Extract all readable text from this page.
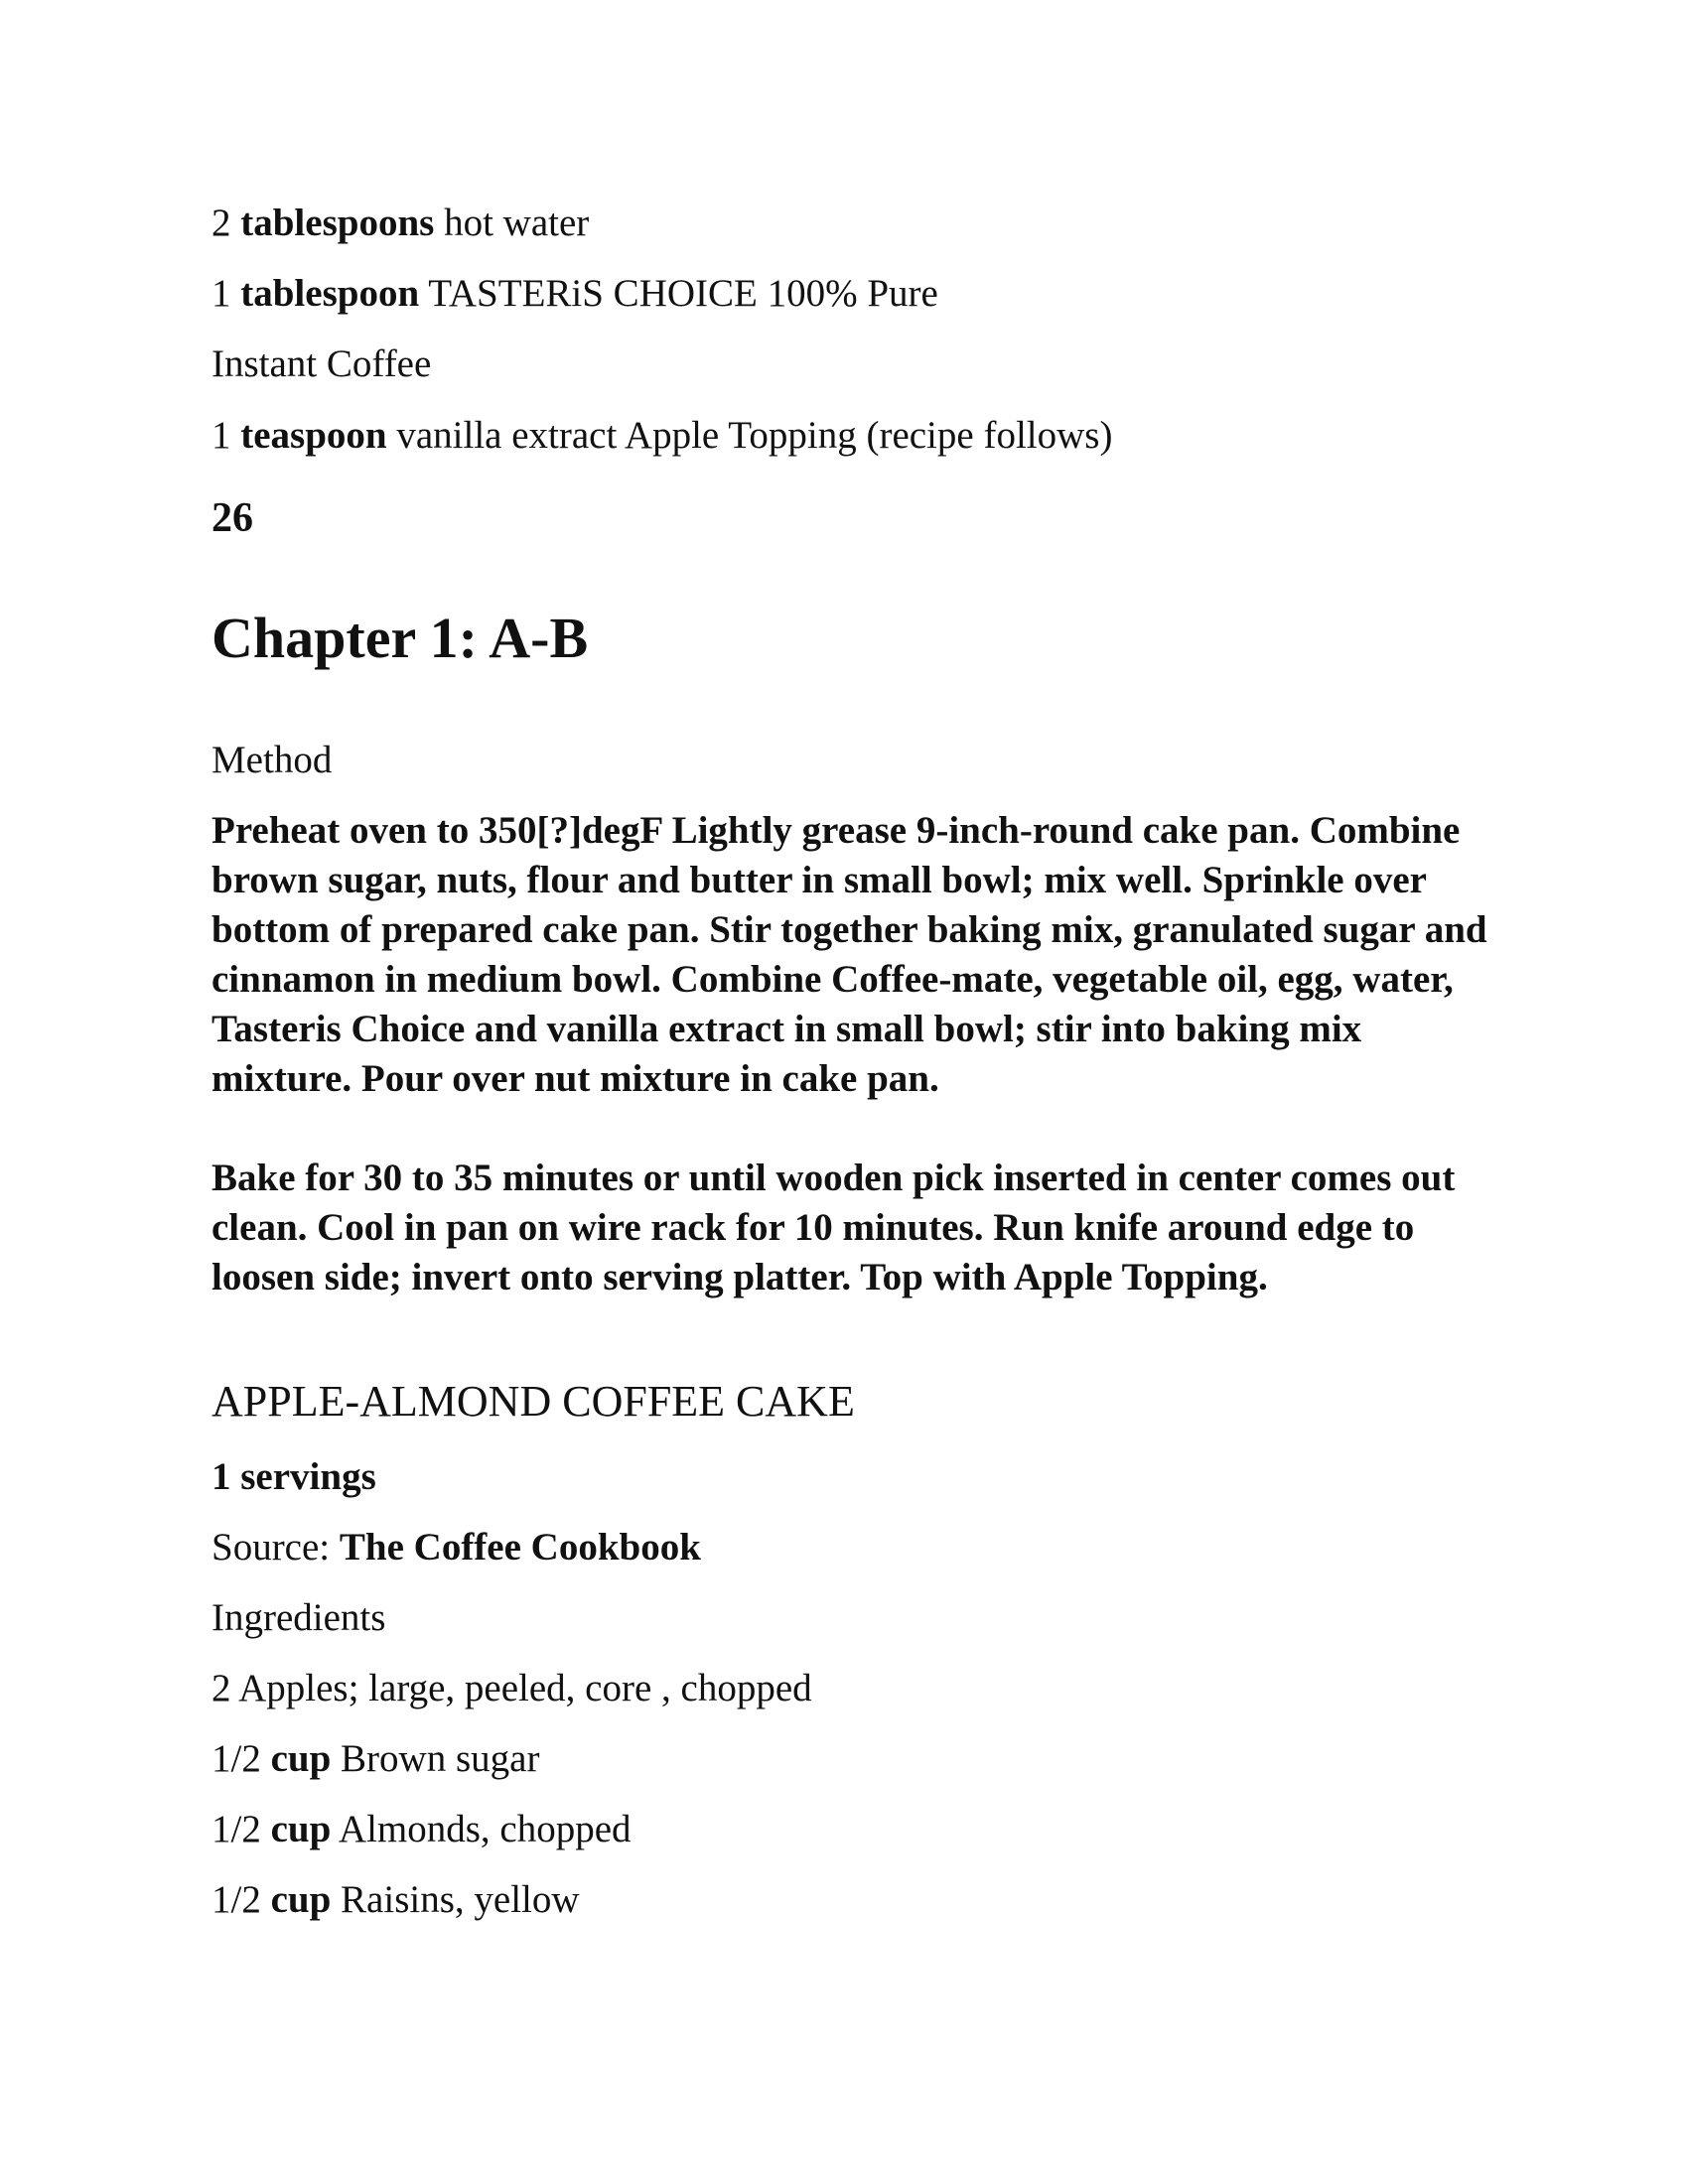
2 tablespoons hot water
1 tablespoon TASTERiS CHOICE 100% Pure
Instant Coffee
1 teaspoon vanilla extract Apple Topping (recipe follows)
26
Chapter 1: A-B
Method

Preheat oven to 350[?]degF Lightly grease 9-inch-round cake pan. Combine brown sugar, nuts, flour and butter in small bowl; mix well. Sprinkle over bottom of prepared cake pan. Stir together baking mix, granulated sugar and cinnamon in medium bowl. Combine Coffee-mate, vegetable oil, egg, water, Tasteris Choice and vanilla extract in small bowl; stir into baking mix mixture. Pour over nut mixture in cake pan.

Bake for 30 to 35 minutes or until wooden pick inserted in center comes out clean. Cool in pan on wire rack for 10 minutes. Run knife around edge to loosen side; invert onto serving platter. Top with Apple Topping.

APPLE-ALMOND COFFEE CAKE
1 servings
Source: The Coffee Cookbook
Ingredients
2 Apples; large, peeled, core , chopped
1/2 cup Brown sugar
1/2 cup Almonds, chopped
1/2 cup Raisins, yellow
